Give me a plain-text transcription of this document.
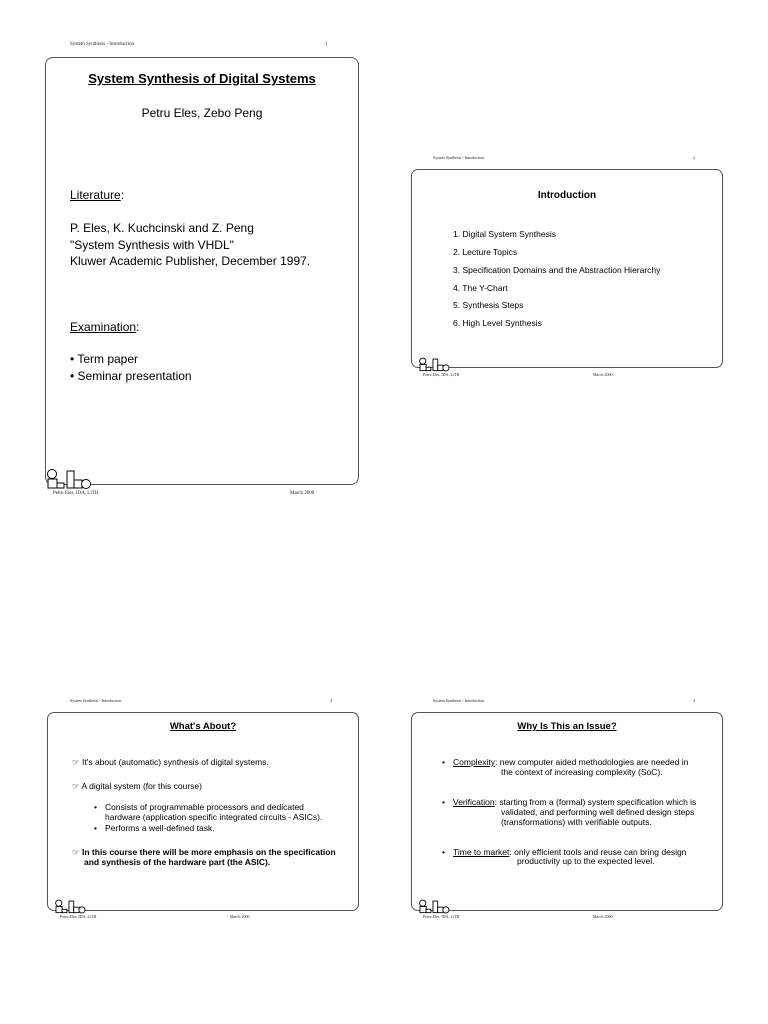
System Synthesis - Introduction	1
System Synthesis of Digital Systems
Petru Eles, Zebo Peng
Literature:
P. Eles, K. Kuchcinski and Z. Peng
"System Synthesis with VHDL"
Kluwer Academic Publisher, December 1997.
Examination:
• Term paper
• Seminar presentation
Petru Eles, IDA, LiTH	March 2000
System Synthesis - Introduction	2
Introduction
1. Digital System Synthesis
2. Lecture Topics
3. Specification Domains and the Abstraction Hierarchy
4. The Y-Chart
5. Synthesis Steps
6. High Level Synthesis
Petru Eles, IDA, LiTH	March 2000
System Synthesis - Introduction	3
What's About?
☞ It's about (automatic) synthesis of digital systems.
☞ A digital system (for this course)
• Consists of programmable processors and dedicated
hardware (application specific integrated circuits - ASICs).
• Performs a well-defined task.
☞ In this course there will be more emphasis on the specification
and synthesis of the hardware part (the ASIC).
Petru Eles, IDA, LiTH	March 2000
System Synthesis - Introduction	4
Why Is This an Issue?
• Complexity: new computer aided methodologies are needed in
the context of increasing complexity (SoC).
• Verification: starting from a (formal) system specification which is
validated, and performing well defined design steps
(transformations) with verifiable outputs.
• Time to market: only efficient tools and reuse can bring design
productivity up to the expected level.
Petru Eles, IDA, LiTH	March 2000
